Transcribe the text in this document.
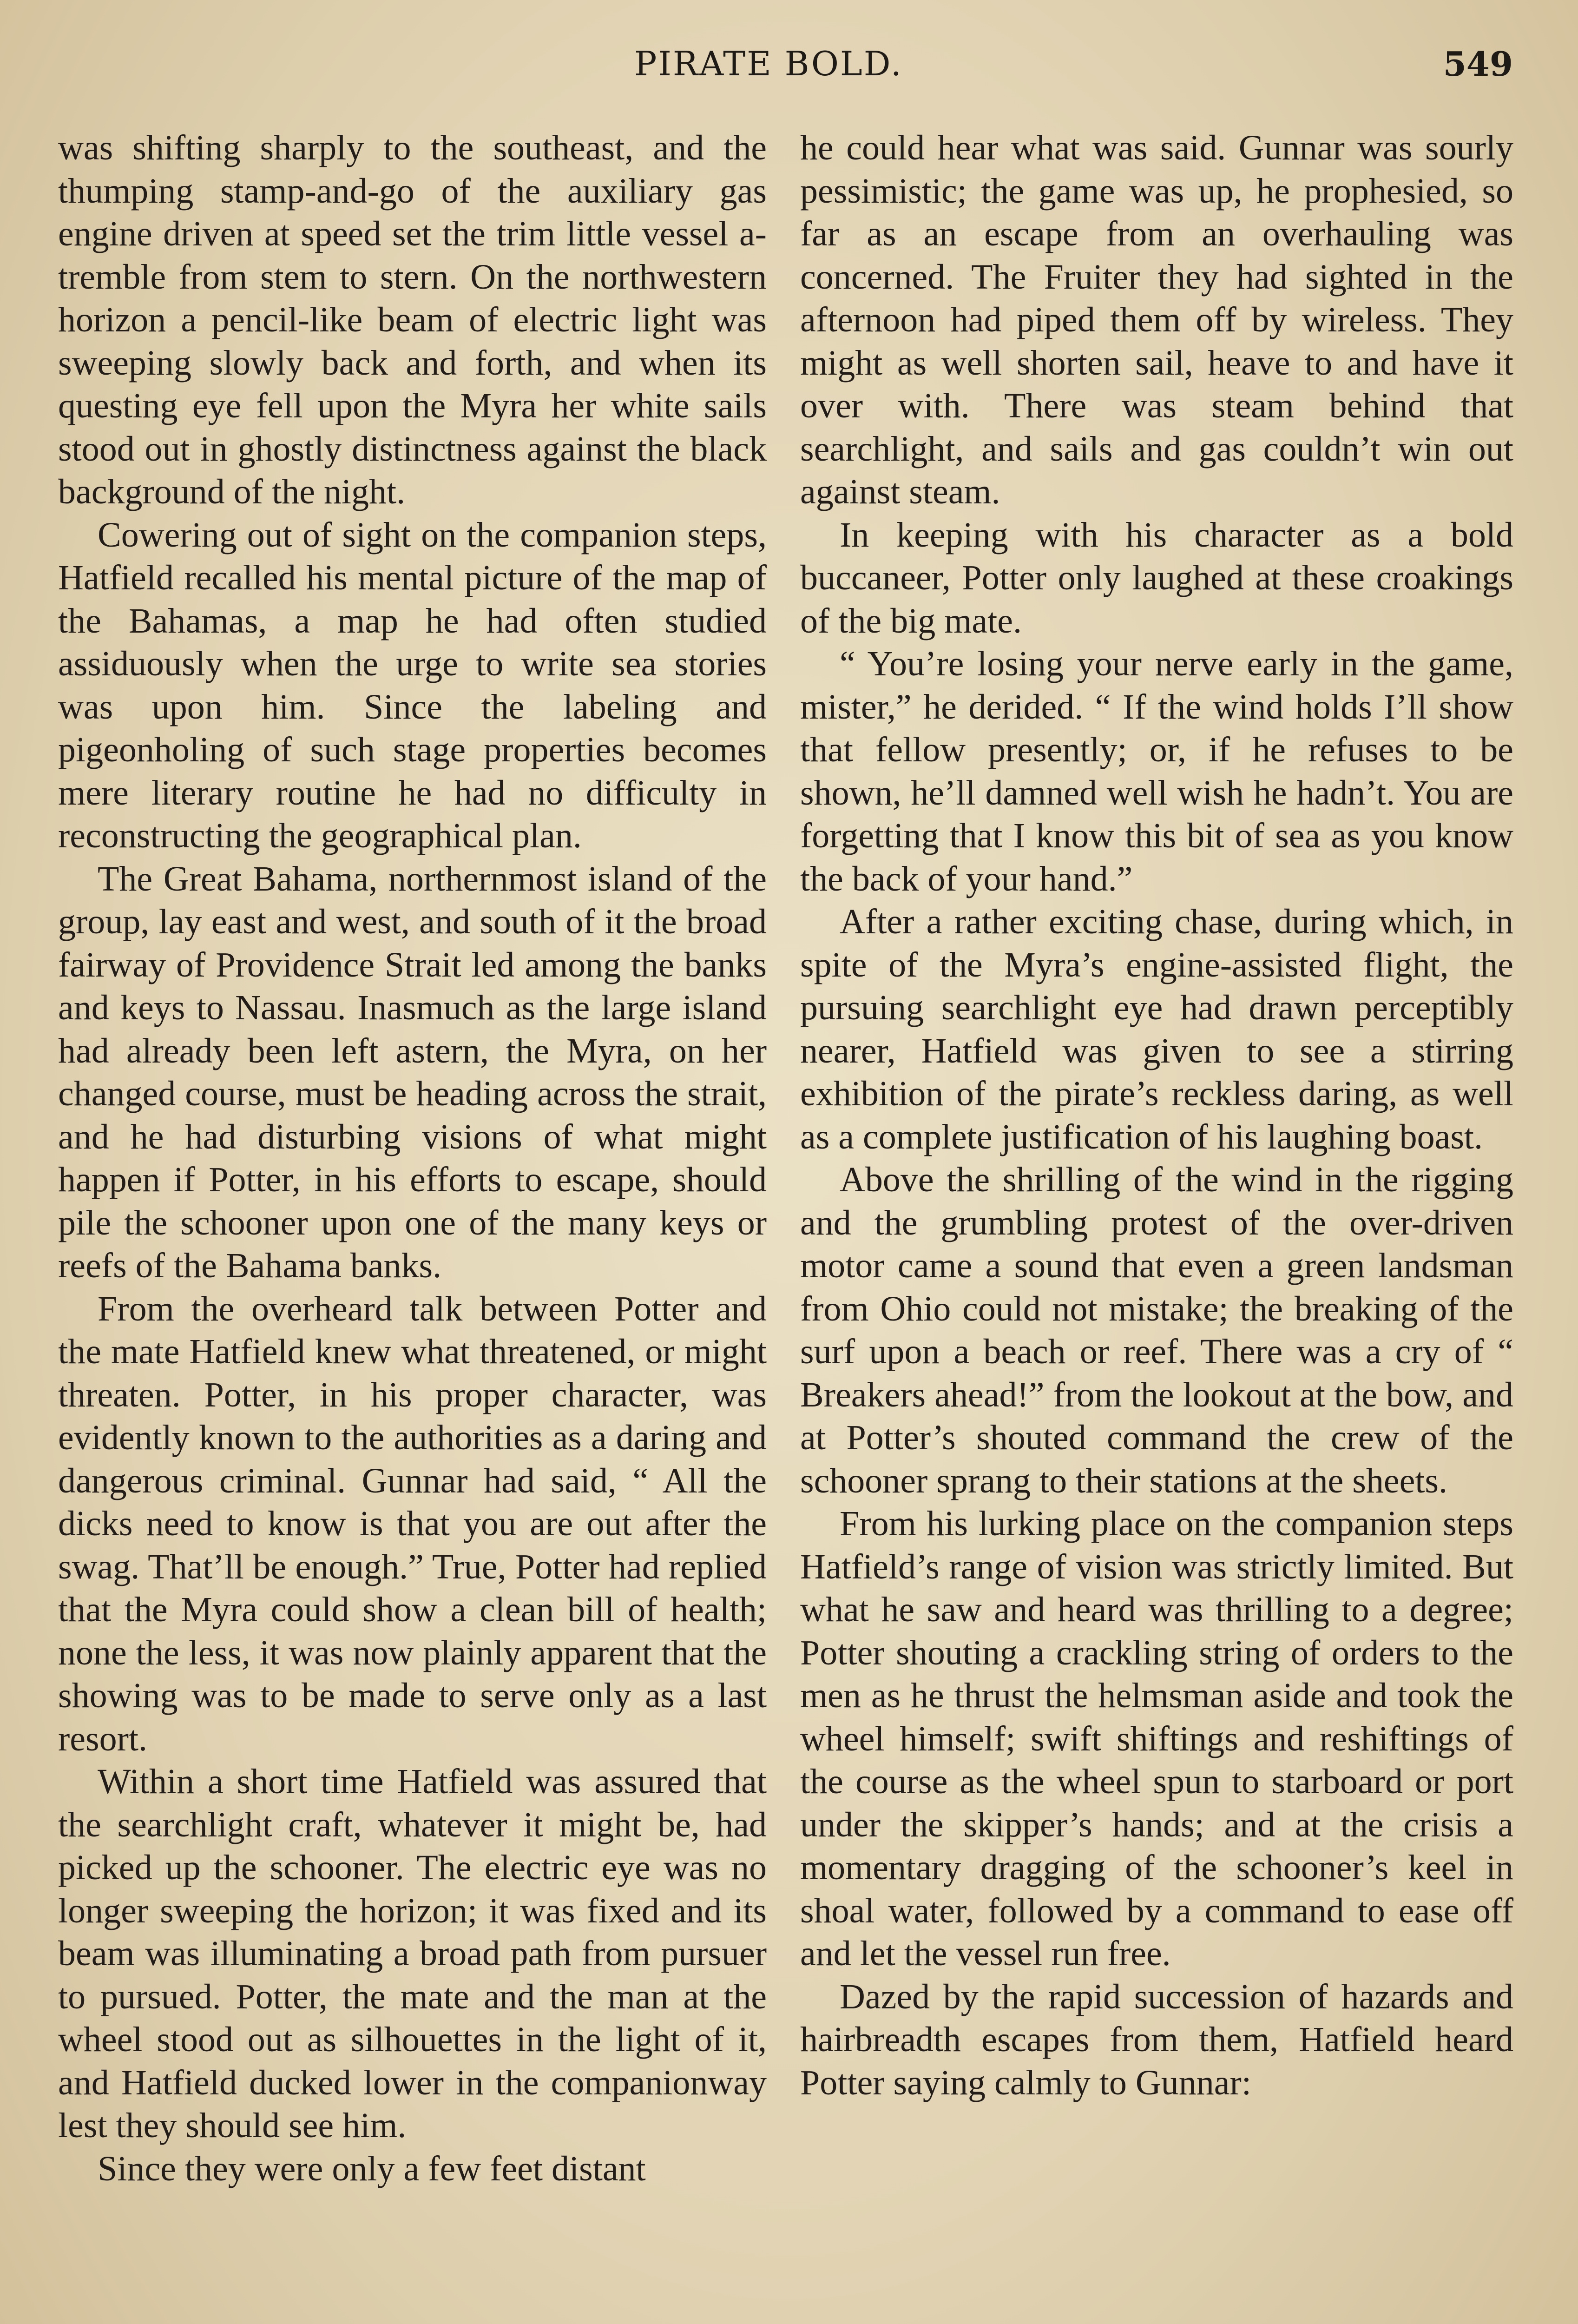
PIRATE BOLD.	549

was shifting sharply to the southeast, and the thumping stamp-and-go of the auxiliary gas engine driven at speed set the trim little vessel a-tremble from stem to stern. On the northwestern horizon a pencil-like beam of electric light was sweeping slowly back and forth, and when its questing eye fell upon the Myra her white sails stood out in ghostly distinctness against the black background of the night.

Cowering out of sight on the companion steps, Hatfield recalled his mental picture of the map of the Bahamas, a map he had often studied assiduously when the urge to write sea stories was upon him. Since the labeling and pigeonholing of such stage properties becomes mere literary routine he had no difficulty in reconstructing the geographical plan.

The Great Bahama, northernmost island of the group, lay east and west, and south of it the broad fairway of Providence Strait led among the banks and keys to Nassau. Inasmuch as the large island had already been left astern, the Myra, on her changed course, must be heading across the strait, and he had disturbing visions of what might happen if Potter, in his efforts to escape, should pile the schooner upon one of the many keys or reefs of the Bahama banks.

From the overheard talk between Potter and the mate Hatfield knew what threatened, or might threaten. Potter, in his proper character, was evidently known to the authorities as a daring and dangerous criminal. Gunnar had said, “ All the dicks need to know is that you are out after the swag. That’ll be enough.” True, Potter had replied that the Myra could show a clean bill of health; none the less, it was now plainly apparent that the showing was to be made to serve only as a last resort.

Within a short time Hatfield was assured that the searchlight craft, whatever it might be, had picked up the schooner. The electric eye was no longer sweeping the horizon; it was fixed and its beam was illuminating a broad path from pursuer to pursued. Potter, the mate and the man at the wheel stood out as silhouettes in the light of it, and Hatfield ducked lower in the companionway lest they should see him.

Since they were only a few feet distant

he could hear what was said. Gunnar was sourly pessimistic; the game was up, he prophesied, so far as an escape from an overhauling was concerned. The Fruiter they had sighted in the afternoon had piped them off by wireless. They might as well shorten sail, heave to and have it over with. There was steam behind that searchlight, and sails and gas couldn’t win out against steam.

In keeping with his character as a bold buccaneer, Potter only laughed at these croakings of the big mate.

“ You’re losing your nerve early in the game, mister,” he derided. “ If the wind holds I’ll show that fellow presently; or, if he refuses to be shown, he’ll damned well wish he hadn’t. You are forgetting that I know this bit of sea as you know the back of your hand.”

After a rather exciting chase, during which, in spite of the Myra’s engine-assisted flight, the pursuing searchlight eye had drawn perceptibly nearer, Hatfield was given to see a stirring exhibition of the pirate’s reckless daring, as well as a complete justification of his laughing boast.

Above the shrilling of the wind in the rigging and the grumbling protest of the over-driven motor came a sound that even a green landsman from Ohio could not mistake; the breaking of the surf upon a beach or reef. There was a cry of “ Breakers ahead!” from the lookout at the bow, and at Potter’s shouted command the crew of the schooner sprang to their stations at the sheets.

From his lurking place on the companion steps Hatfield’s range of vision was strictly limited. But what he saw and heard was thrilling to a degree; Potter shouting a crackling string of orders to the men as he thrust the helmsman aside and took the wheel himself; swift shiftings and reshiftings of the course as the wheel spun to starboard or port under the skipper’s hands; and at the crisis a momentary dragging of the schooner’s keel in shoal water, followed by a command to ease off and let the vessel run free.

Dazed by the rapid succession of hazards and hairbreadth escapes from them, Hatfield heard Potter saying calmly to Gunnar:
